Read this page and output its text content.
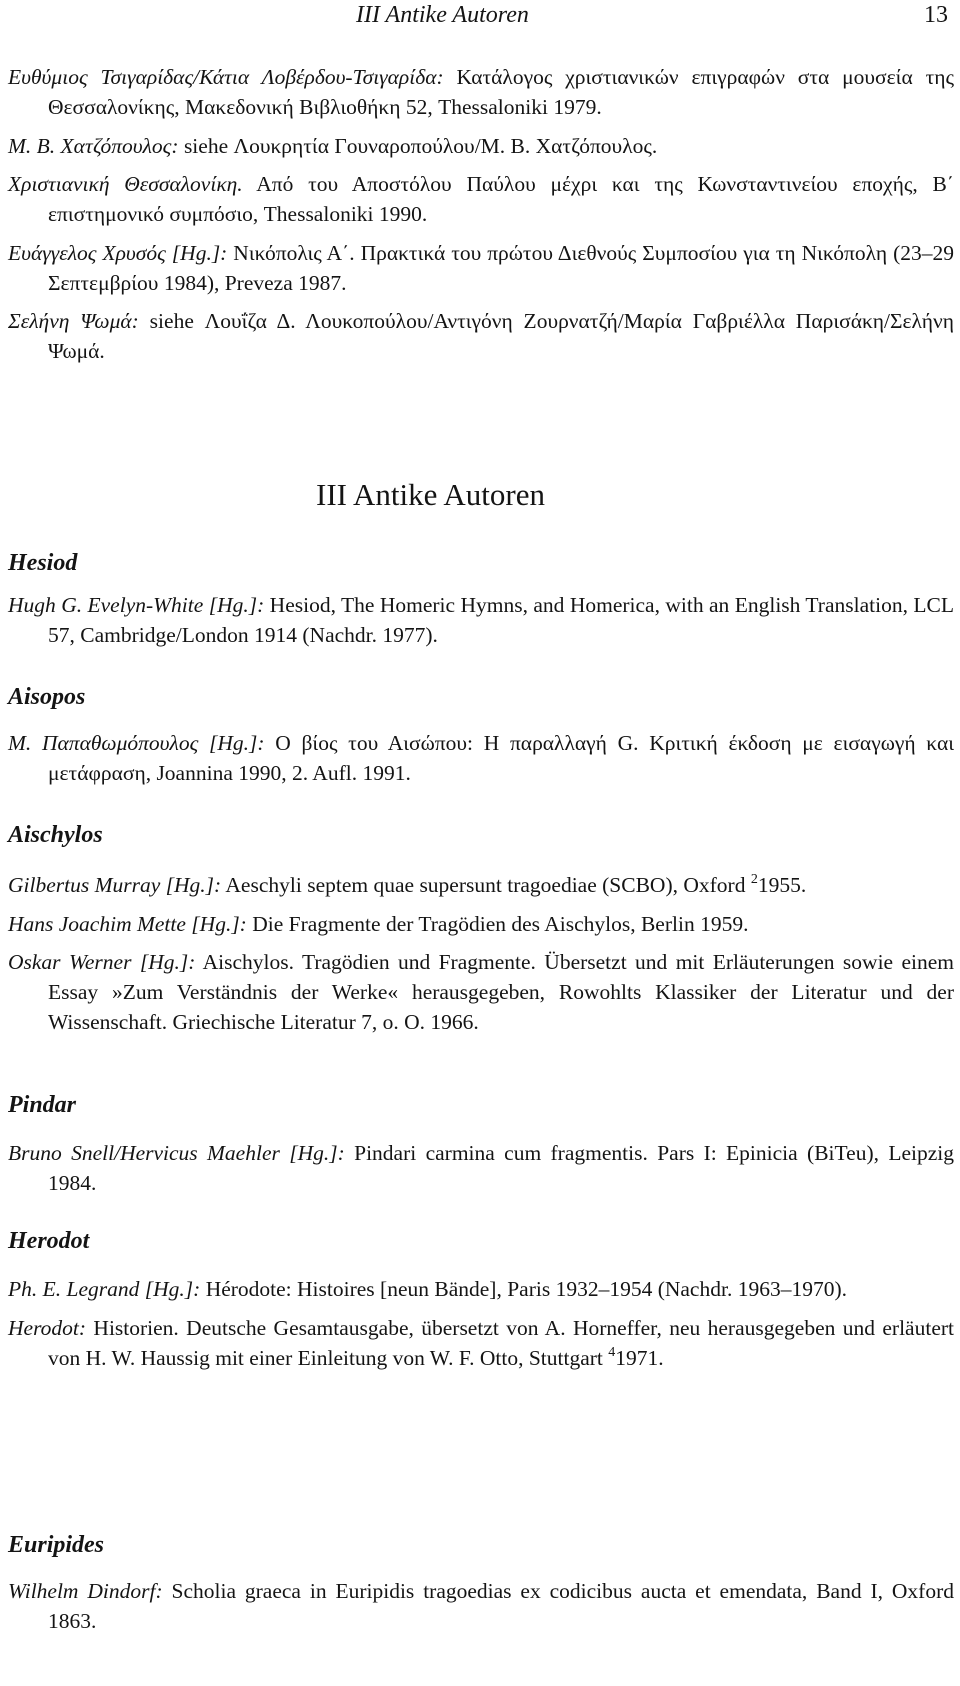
III Antike Autoren	13

Ευθύμιος Τσιγαρίδας/Κάτια Λοβέρδου-Τσιγαρίδα: Κατάλογος χριστιανικών επιγραφών στα μουσεία της Θεσσαλονίκης, Μακεδονική Βιβλιοθήκη 52, Thessaloniki 1979.

Μ. Β. Χατζόπουλος: siehe Λουκρητία Γουναροπούλου/Μ. Β. Χατζόπουλος.

Χριστιανική Θεσσαλονίκη. Από του Αποστόλου Παύλου μέχρι και της Κωνσταντινείου εποχής, Β΄ επιστημονικό συμπόσιο, Thessaloniki 1990.

Ευάγγελος Χρυσός [Hg.]: Νικόπολις Α΄. Πρακτικά του πρώτου Διεθνούς Συμποσίου για τη Νικόπολη (23–29 Σεπτεμβρίου 1984), Preveza 1987.

Σελήνη Ψωμά: siehe Λουΐζα Δ. Λουκοπούλου/Αντιγόνη Ζουρνατζή/Μαρία Γαβριέλλα Παρισάκη/Σελήνη Ψωμά.

III Antike Autoren
Hesiod

Hugh G. Evelyn-White [Hg.]: Hesiod, The Homeric Hymns, and Homerica, with an English Translation, LCL 57, Cambridge/London 1914 (Nachdr. 1977).

Aisopos

Μ. Παπαθωμόπουλος [Hg.]: Ο βίος του Αισώπου: Η παραλλαγή G. Κριτική έκδοση με εισαγωγή και μετάφραση, Joannina 1990, 2. Aufl. 1991.

Aischylos

Gilbertus Murray [Hg.]: Aeschyli septem quae supersunt tragoediae (SCBO), Oxford $^2$1955.

Hans Joachim Mette [Hg.]: Die Fragmente der Tragödien des Aischylos, Berlin 1959.

Oskar Werner [Hg.]: Aischylos. Tragödien und Fragmente. Übersetzt und mit Erläuterungen sowie einem Essay »Zum Verständnis der Werke« herausgegeben, Rowohlts Klassiker der Literatur und der Wissenschaft. Griechische Literatur 7, o. O. 1966.

Pindar

Bruno Snell/Hervicus Maehler [Hg.]: Pindari carmina cum fragmentis. Pars I: Epinicia (BiTeu), Leipzig 1984.

Herodot

Ph. E. Legrand [Hg.]: Hérodote: Histoires [neun Bände], Paris 1932–1954 (Nachdr. 1963–1970).

Herodot: Historien. Deutsche Gesamtausgabe, übersetzt von A. Horneffer, neu herausgegeben und erläutert von H. W. Haussig mit einer Einleitung von W. F. Otto, Stuttgart $^4$1971.

Euripides

Wilhelm Dindorf: Scholia graeca in Euripidis tragoedias ex codicibus aucta et emendata, Band I, Oxford 1863.
